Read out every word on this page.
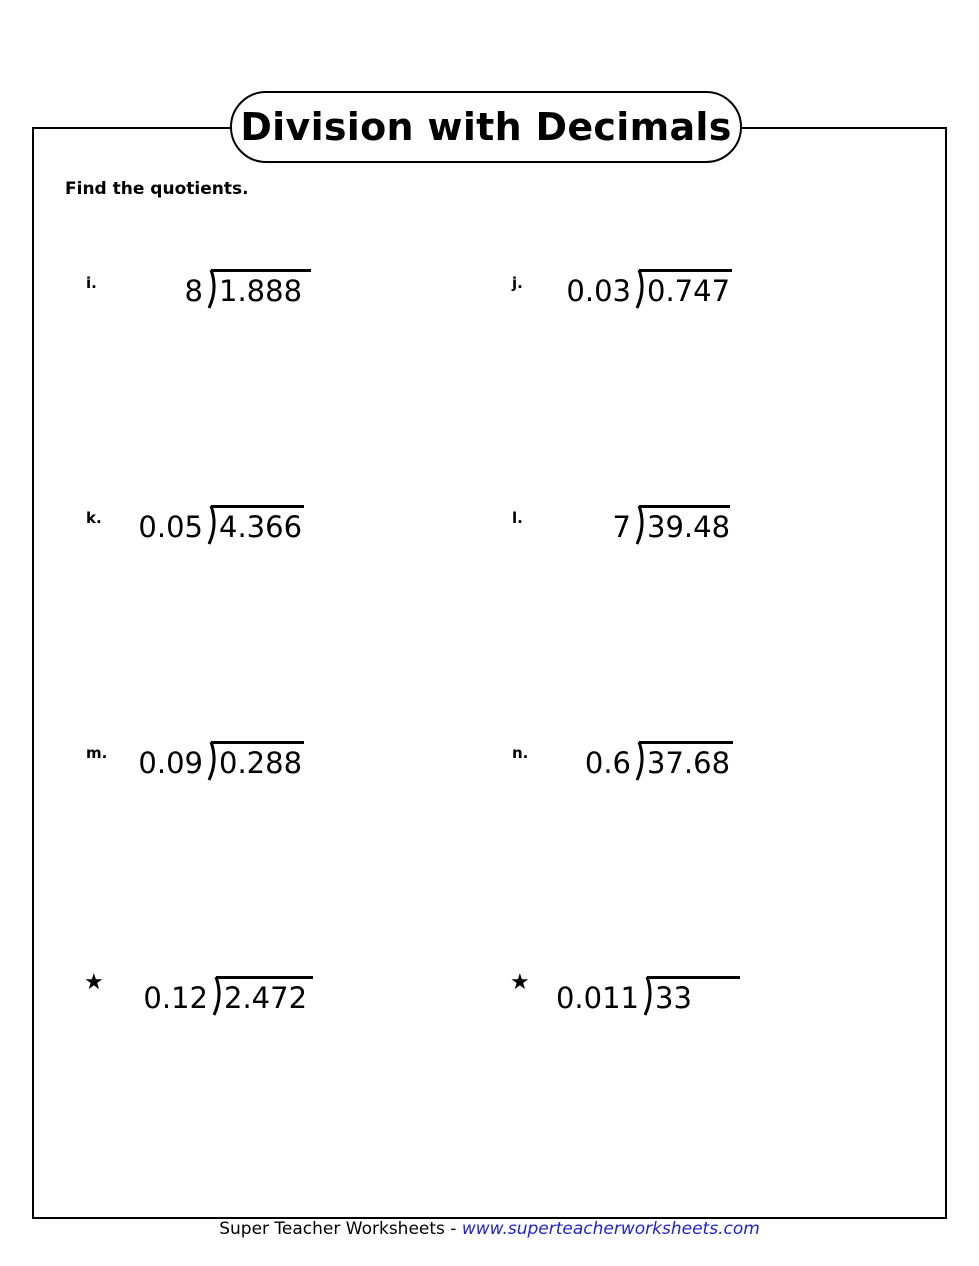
Division with Decimals
Find the quotients.
i.	8 1.888	j. 0.03 0.747
k. 0.05 4.366	l.	7 39.48
m. 0.09 0.288	n. 0.6 37.68
★ 0.12 2.472	★ 0.011 33
Super Teacher Worksheets - www.superteacherworksheets.com
